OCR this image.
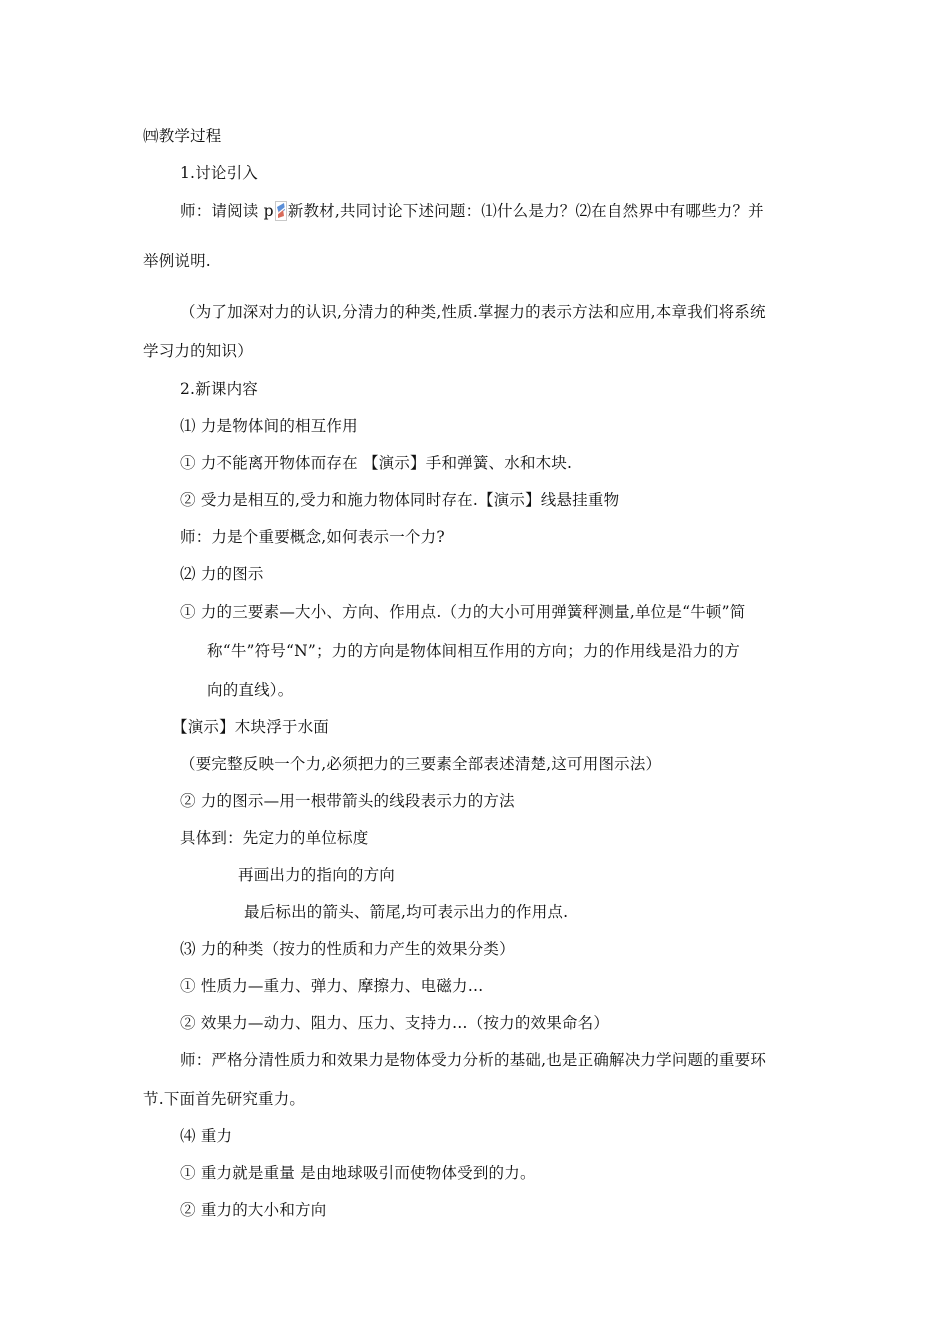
㈣教学过程
1.讨论引入
师：请阅读 p 新教材,共同讨论下述问题：⑴什么是力？⑵在自然界中有哪些力？并
举例说明.
（为了加深对力的认识,分清力的种类,性质.掌握力的表示方法和应用,本章我们将系统
学习力的知识）
2.新课内容
⑴ 力是物体间的相互作用
① 力不能离开物体而存在 【演示】手和弹簧、水和木块.
② 受力是相互的,受力和施力物体同时存在.【演示】线悬挂重物
师：力是个重要概念,如何表示一个力?
⑵ 力的图示
① 力的三要素—大小、方向、作用点.（力的大小可用弹簧秤测量,单位是“牛顿”简
称“牛”符号“N”；力的方向是物体间相互作用的方向；力的作用线是沿力的方
向的直线）。
【演示】木块浮于水面
（要完整反映一个力,必须把力的三要素全部表述清楚,这可用图示法）
② 力的图示—用一根带箭头的线段表示力的方法
具体到：先定力的单位标度
再画出力的指向的方向
最后标出的箭头、箭尾,均可表示出力的作用点.
⑶ 力的种类（按力的性质和力产生的效果分类）
① 性质力—重力、弹力、摩擦力、电磁力…
② 效果力—动力、阻力、压力、支持力…（按力的效果命名）
师：严格分清性质力和效果力是物体受力分析的基础,也是正确解决力学问题的重要环
节.下面首先研究重力。
⑷ 重力
① 重力就是重量 是由地球吸引而使物体受到的力。
② 重力的大小和方向
